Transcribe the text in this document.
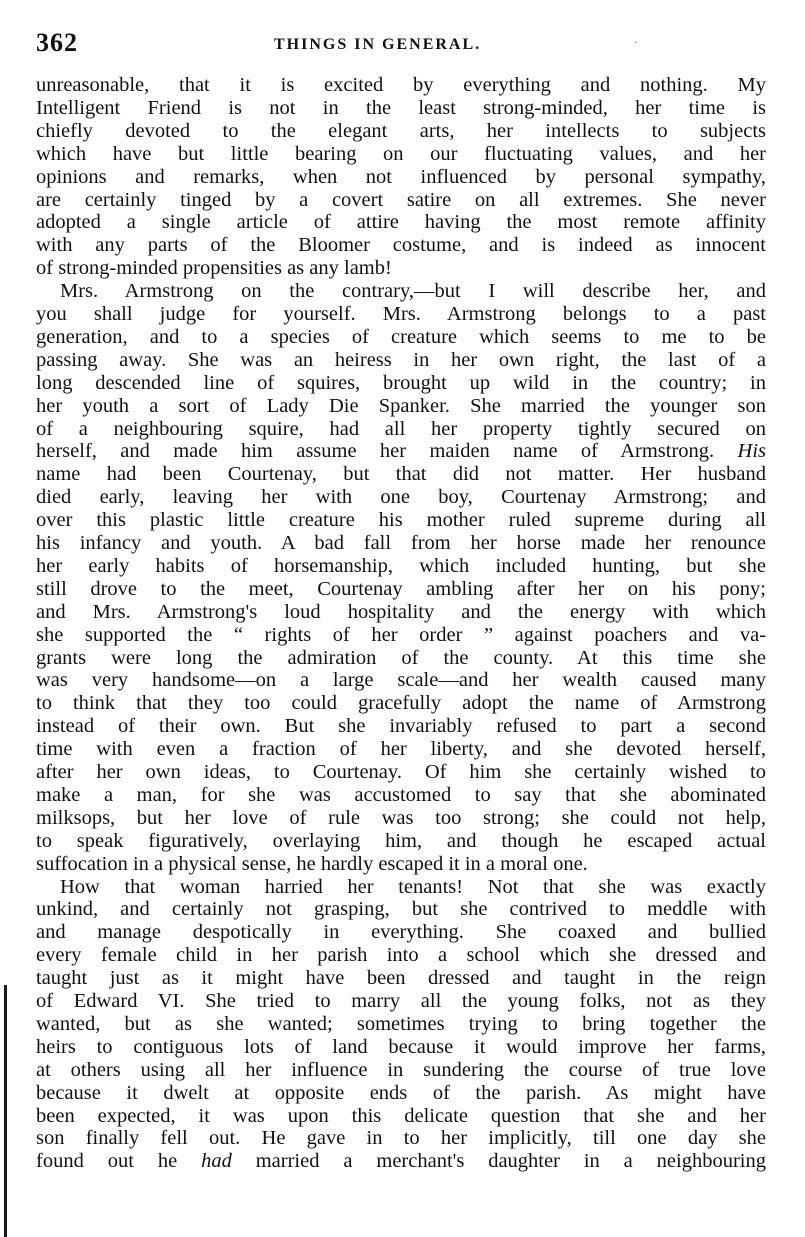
362	THINGS IN GENERAL.	·
unreasonable, that it is excited by everything and nothing. My
Intelligent Friend is not in the least strong-minded, her time is
chiefly devoted to the elegant arts, her intellects to subjects
which have but little bearing on our fluctuating values, and her
opinions and remarks, when not influenced by personal sympathy,
are certainly tinged by a covert satire on all extremes. She never
adopted a single article of attire having the most remote affinity
with any parts of the Bloomer costume, and is indeed as innocent
of strong-minded propensities as any lamb!
Mrs. Armstrong on the contrary,—but I will describe her, and
you shall judge for yourself. Mrs. Armstrong belongs to a past
generation, and to a species of creature which seems to me to be
passing away. She was an heiress in her own right, the last of a
long descended line of squires, brought up wild in the country; in
her youth a sort of Lady Die Spanker. She married the younger son
of a neighbouring squire, had all her property tightly secured on
herself, and made him assume her maiden name of Armstrong. His
name had been Courtenay, but that did not matter. Her husband
died early, leaving her with one boy, Courtenay Armstrong; and
over this plastic little creature his mother ruled supreme during all
his infancy and youth. A bad fall from her horse made her renounce
her early habits of horsemanship, which included hunting, but she
still drove to the meet, Courtenay ambling after her on his pony;
and Mrs. Armstrong's loud hospitality and the energy with which
she supported the “ rights of her order ” against poachers and va-
grants were long the admiration of the county. At this time she
was very handsome—on a large scale—and her wealth caused many
to think that they too could gracefully adopt the name of Armstrong
instead of their own. But she invariably refused to part a second
time with even a fraction of her liberty, and she devoted herself,
after her own ideas, to Courtenay. Of him she certainly wished to
make a man, for she was accustomed to say that she abominated
milksops, but her love of rule was too strong; she could not help,
to speak figuratively, overlaying him, and though he escaped actual
suffocation in a physical sense, he hardly escaped it in a moral one.
How that woman harried her tenants! Not that she was exactly
unkind, and certainly not grasping, but she contrived to meddle with
and manage despotically in everything. She coaxed and bullied
every female child in her parish into a school which she dressed and
taught just as it might have been dressed and taught in the reign
of Edward VI. She tried to marry all the young folks, not as they
wanted, but as she wanted; sometimes trying to bring together the
heirs to contiguous lots of land because it would improve her farms,
at others using all her influence in sundering the course of true love
because it dwelt at opposite ends of the parish. As might have
been expected, it was upon this delicate question that she and her
son finally fell out. He gave in to her implicitly, till one day she
found out he had married a merchant's daughter in a neighbouring
